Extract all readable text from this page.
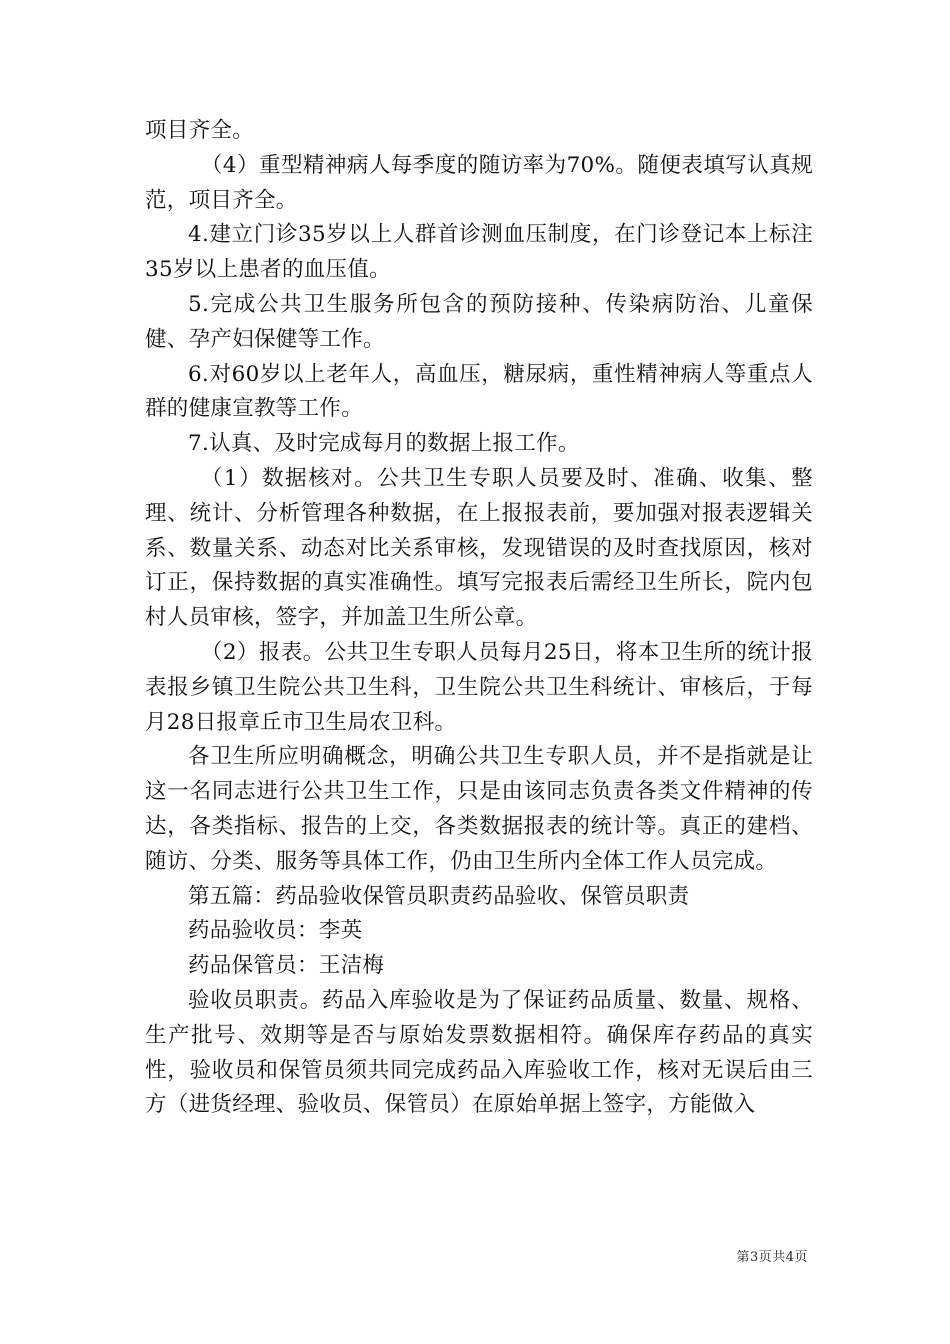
项目齐全。

（4）重型精神病人每季度的随访率为70%。随便表填写认真规范，项目齐全。

4.建立门诊35岁以上人群首诊测血压制度，在门诊登记本上标注35岁以上患者的血压值。

5.完成公共卫生服务所包含的预防接种、传染病防治、儿童保健、孕产妇保健等工作。

6.对60岁以上老年人，高血压，糖尿病，重性精神病人等重点人群的健康宣教等工作。

7.认真、及时完成每月的数据上报工作。

（1）数据核对。公共卫生专职人员要及时、准确、收集、整理、统计、分析管理各种数据，在上报报表前，要加强对报表逻辑关系、数量关系、动态对比关系审核，发现错误的及时查找原因，核对订正，保持数据的真实准确性。填写完报表后需经卫生所长，院内包村人员审核，签字，并加盖卫生所公章。

（2）报表。公共卫生专职人员每月25日，将本卫生所的统计报表报乡镇卫生院公共卫生科，卫生院公共卫生科统计、审核后，于每月28日报章丘市卫生局农卫科。

各卫生所应明确概念，明确公共卫生专职人员，并不是指就是让这一名同志进行公共卫生工作，只是由该同志负责各类文件精神的传达，各类指标、报告的上交，各类数据报表的统计等。真正的建档、随访、分类、服务等具体工作，仍由卫生所内全体工作人员完成。

第五篇：药品验收保管员职责药品验收、保管员职责

药品验收员：李英

药品保管员：王洁梅

验收员职责。药品入库验收是为了保证药品质量、数量、规格、生产批号、效期等是否与原始发票数据相符。确保库存药品的真实性，验收员和保管员须共同完成药品入库验收工作，核对无误后由三方（进货经理、验收员、保管员）在原始单据上签字，方能做入

第3页共4页
